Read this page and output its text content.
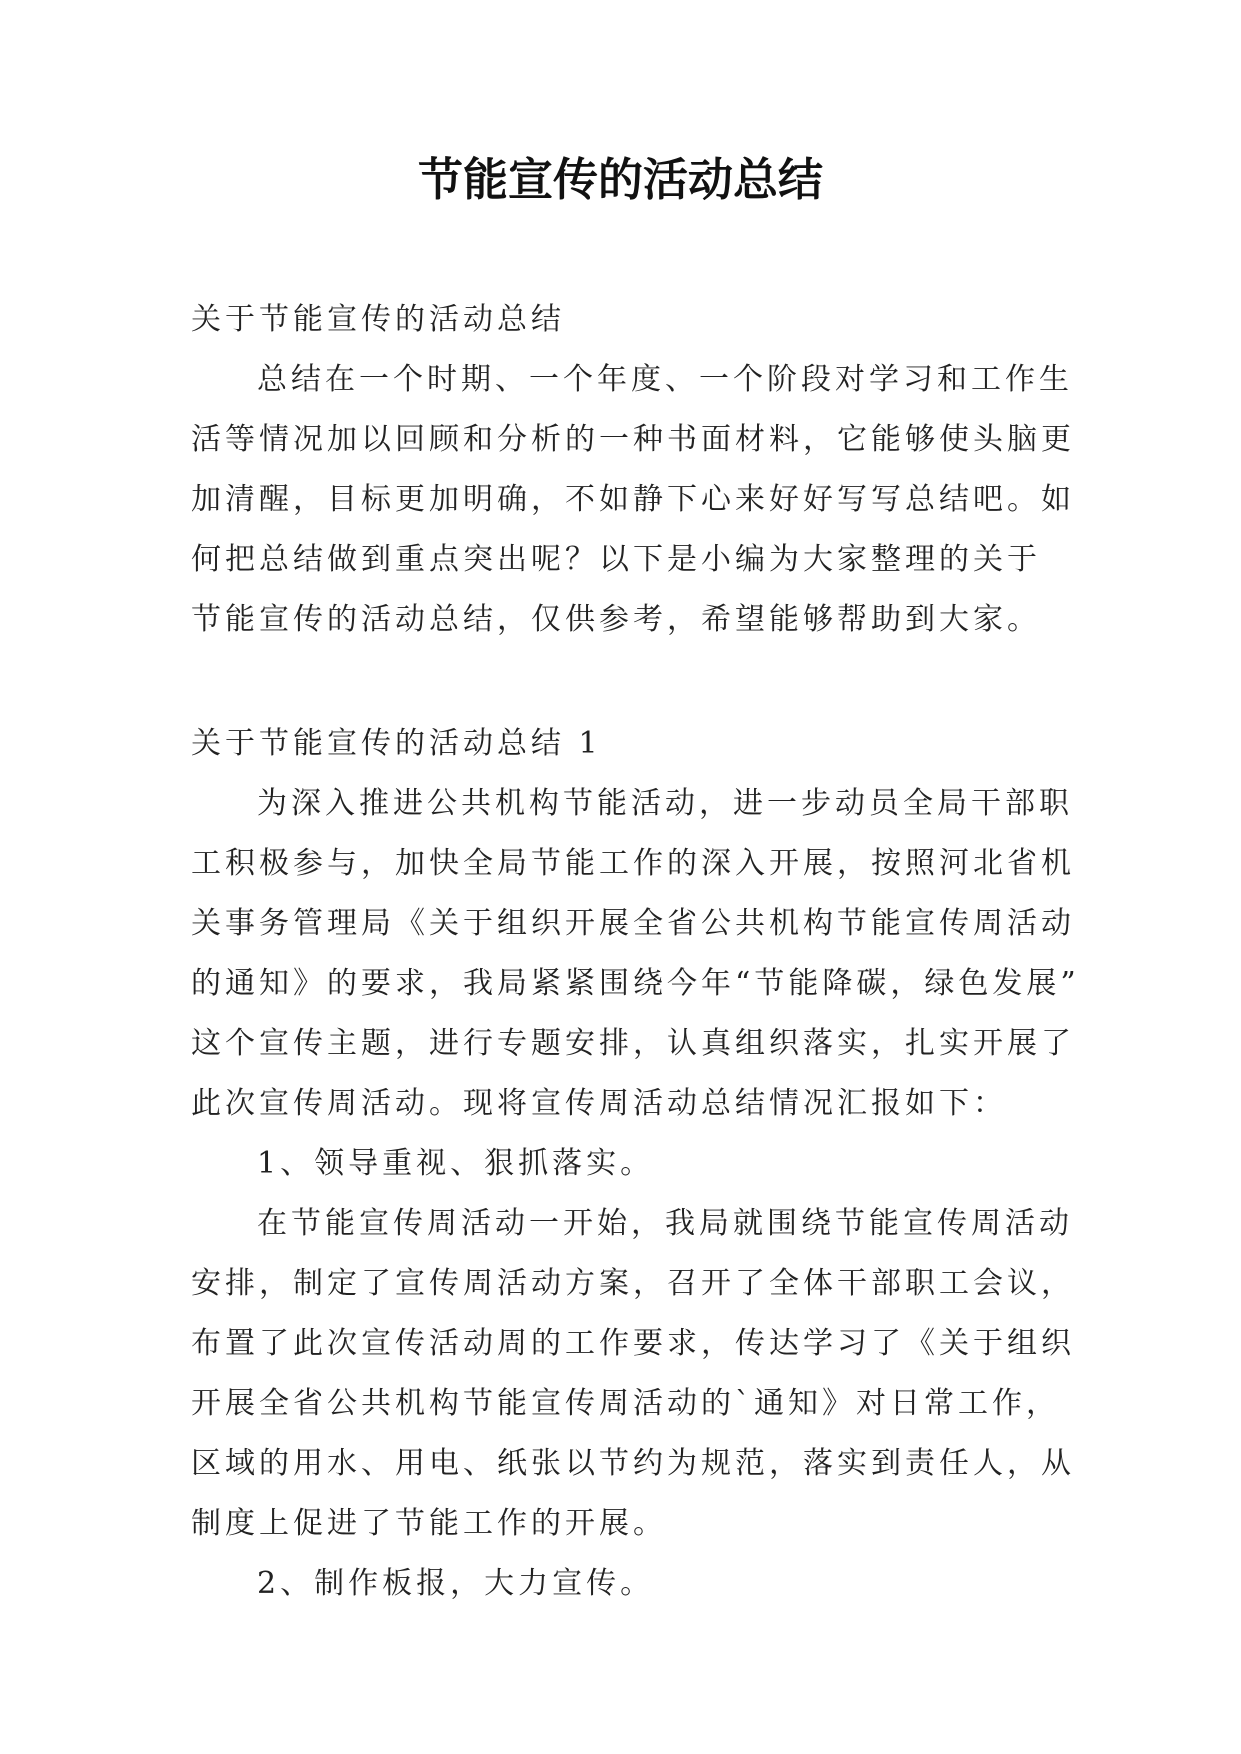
节能宣传的活动总结
关于节能宣传的活动总结
总结在一个时期、一个年度、一个阶段对学习和工作生
活等情况加以回顾和分析的一种书面材料，它能够使头脑更
加清醒，目标更加明确，不如静下心来好好写写总结吧。如
何把总结做到重点突出呢？以下是小编为大家整理的关于
节能宣传的活动总结，仅供参考，希望能够帮助到大家。
关于节能宣传的活动总结 1
为深入推进公共机构节能活动，进一步动员全局干部职
工积极参与，加快全局节能工作的深入开展，按照河北省机
关事务管理局《关于组织开展全省公共机构节能宣传周活动
的通知》的要求，我局紧紧围绕今年“节能降碳，绿色发展”
这个宣传主题，进行专题安排，认真组织落实，扎实开展了
此次宣传周活动。现将宣传周活动总结情况汇报如下：
1、领导重视、狠抓落实。
在节能宣传周活动一开始，我局就围绕节能宣传周活动
安排，制定了宣传周活动方案，召开了全体干部职工会议，
布置了此次宣传活动周的工作要求，传达学习了《关于组织
开展全省公共机构节能宣传周活动的`通知》对日常工作，
区域的用水、用电、纸张以节约为规范，落实到责任人，从
制度上促进了节能工作的开展。
2、制作板报，大力宣传。
